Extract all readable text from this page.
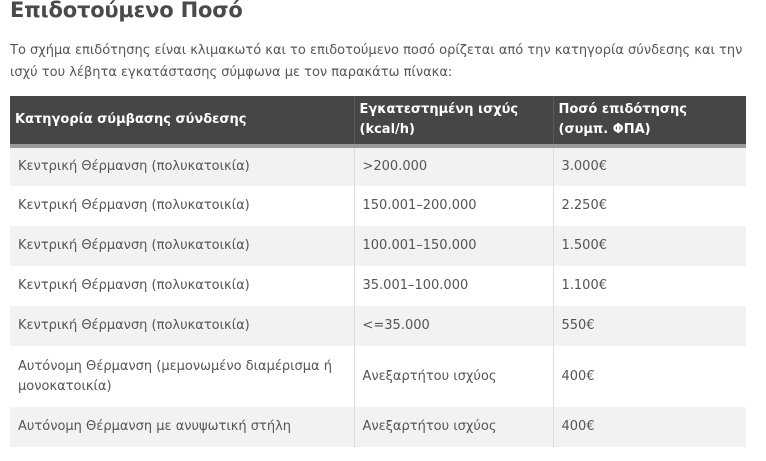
Επιδοτούμενο Ποσό

Το σχήμα επιδότησης είναι κλιμακωτό και το επιδοτούμενο ποσό ορίζεται από την κατηγορία σύνδεσης και την ισχύ του λέβητα εγκατάστασης σύμφωνα με τον παρακάτω πίνακα:

Κατηγορία σύμβασης σύνδεσης	Εγκατεστημένη ισχύς (kcal/h)	Ποσό επιδότησης (συμπ. ΦΠΑ)
Κεντρική Θέρμανση (πολυκατοικία)	>200.000	3.000€
Κεντρική Θέρμανση (πολυκατοικία)	150.001–200.000	2.250€
Κεντρική Θέρμανση (πολυκατοικία)	100.001–150.000	1.500€
Κεντρική Θέρμανση (πολυκατοικία)	35.001–100.000	1.100€
Κεντρική Θέρμανση (πολυκατοικία)	<=35.000	550€
Αυτόνομη Θέρμανση (μεμονωμένο διαμέρισμα ή μονοκατοικία)	Ανεξαρτήτου ισχύος	400€
Αυτόνομη Θέρμανση με ανυψωτική στήλη	Ανεξαρτήτου ισχύος	400€
